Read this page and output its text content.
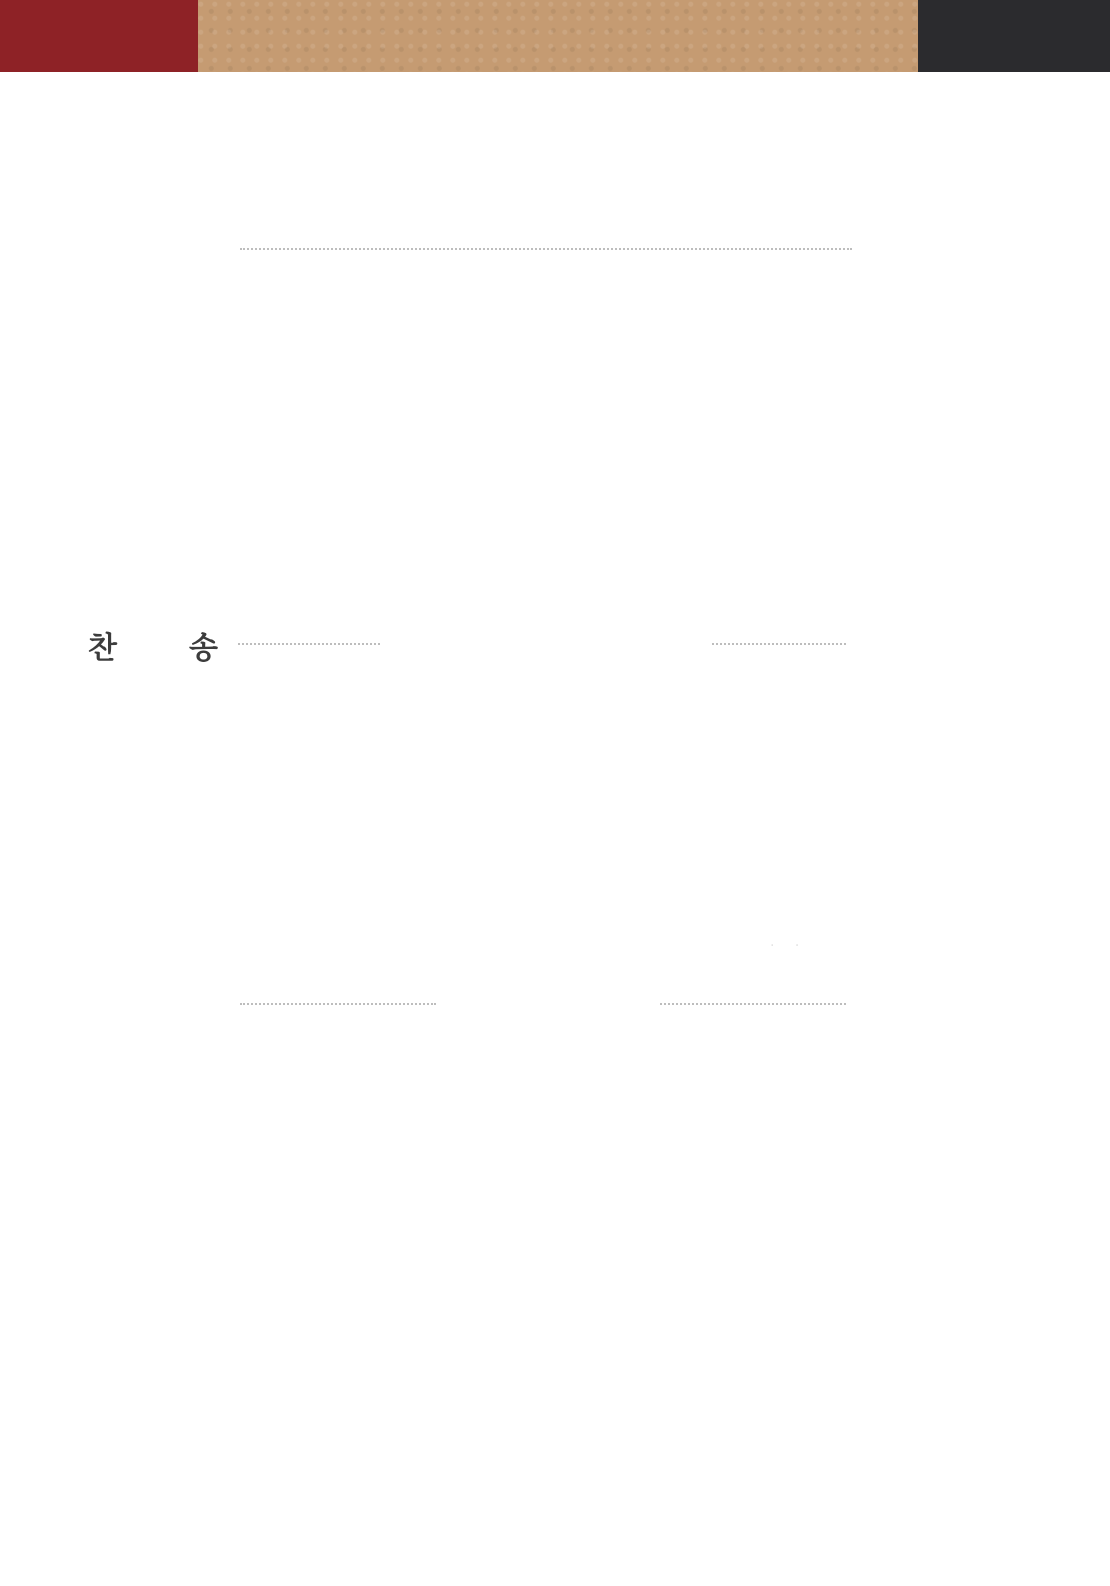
찬 송
· ·
